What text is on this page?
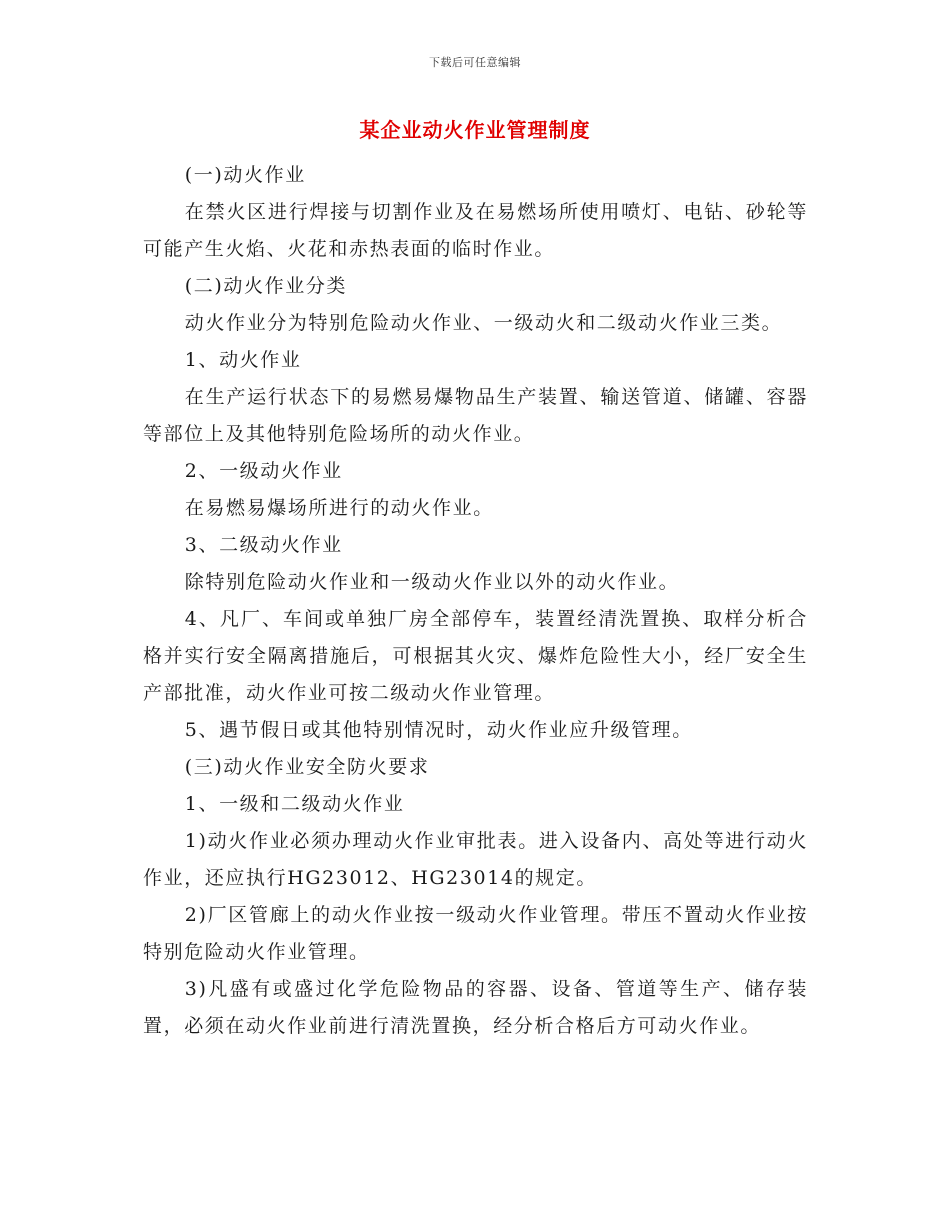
下载后可任意编辑
某企业动火作业管理制度

(一)动火作业

在禁火区进行焊接与切割作业及在易燃场所使用喷灯、电钻、砂轮等可能产生火焰、火花和赤热表面的临时作业。

(二)动火作业分类

动火作业分为特别危险动火作业、一级动火和二级动火作业三类。

1、动火作业

在生产运行状态下的易燃易爆物品生产装置、输送管道、储罐、容器等部位上及其他特别危险场所的动火作业。

2、一级动火作业

在易燃易爆场所进行的动火作业。

3、二级动火作业

除特别危险动火作业和一级动火作业以外的动火作业。

4、凡厂、车间或单独厂房全部停车，装置经清洗置换、取样分析合格并实行安全隔离措施后，可根据其火灾、爆炸危险性大小，经厂安全生产部批准，动火作业可按二级动火作业管理。

5、遇节假日或其他特别情况时，动火作业应升级管理。

(三)动火作业安全防火要求

1、一级和二级动火作业

1)动火作业必须办理动火作业审批表。进入设备内、高处等进行动火作业，还应执行HG23012、HG23014的规定。

2)厂区管廊上的动火作业按一级动火作业管理。带压不置动火作业按特别危险动火作业管理。

3)凡盛有或盛过化学危险物品的容器、设备、管道等生产、储存装置，必须在动火作业前进行清洗置换，经分析合格后方可动火作业。
